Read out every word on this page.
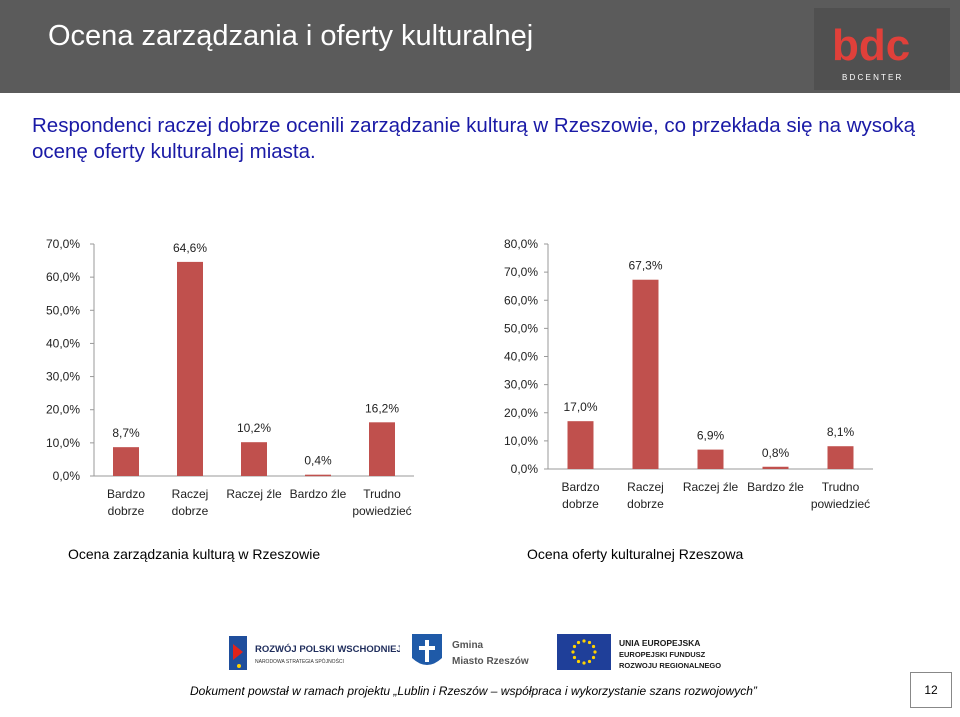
Ocena zarządzania i oferty kulturalnej	bdc
B D C E N T E R
Respondenci raczej dobrze ocenili zarządzanie kulturą w Rzeszowie, co przekłada się na wysoką ocenę oferty kulturalnej miasta.
0,0%
10,0%
20,0%
30,0%
40,0%
50,0%
60,0%
70,0%
8,7%
Bardzo
dobrze
64,6%
Raczej
dobrze
10,2%
Raczej źle
0,4%
Bardzo źle
16,2%
Trudno
powiedzieć
0,0%
10,0%
20,0%
30,0%
40,0%
50,0%
60,0%
70,0%
80,0%
17,0%
Bardzo
dobrze
67,3%
Raczej
dobrze
6,9%
Raczej źle
0,8%
Bardzo źle
8,1%
Trudno
powiedzieć
Ocena zarządzania kulturą w Rzeszowie	Ocena oferty kulturalnej Rzeszowa
ROZWÓJ POLSKI WSCHODNIEJ
NARODOWA STRATEGIA SPÓJNOŚCI
Gmina
Miasto Rzeszów
UNIA EUROPEJSKA
EUROPEJSKI FUNDUSZ
ROZWOJU REGIONALNEGO
Dokument powstał w ramach projektu „Lublin i Rzeszów – współpraca i wykorzystanie szans rozwojowych”	12
